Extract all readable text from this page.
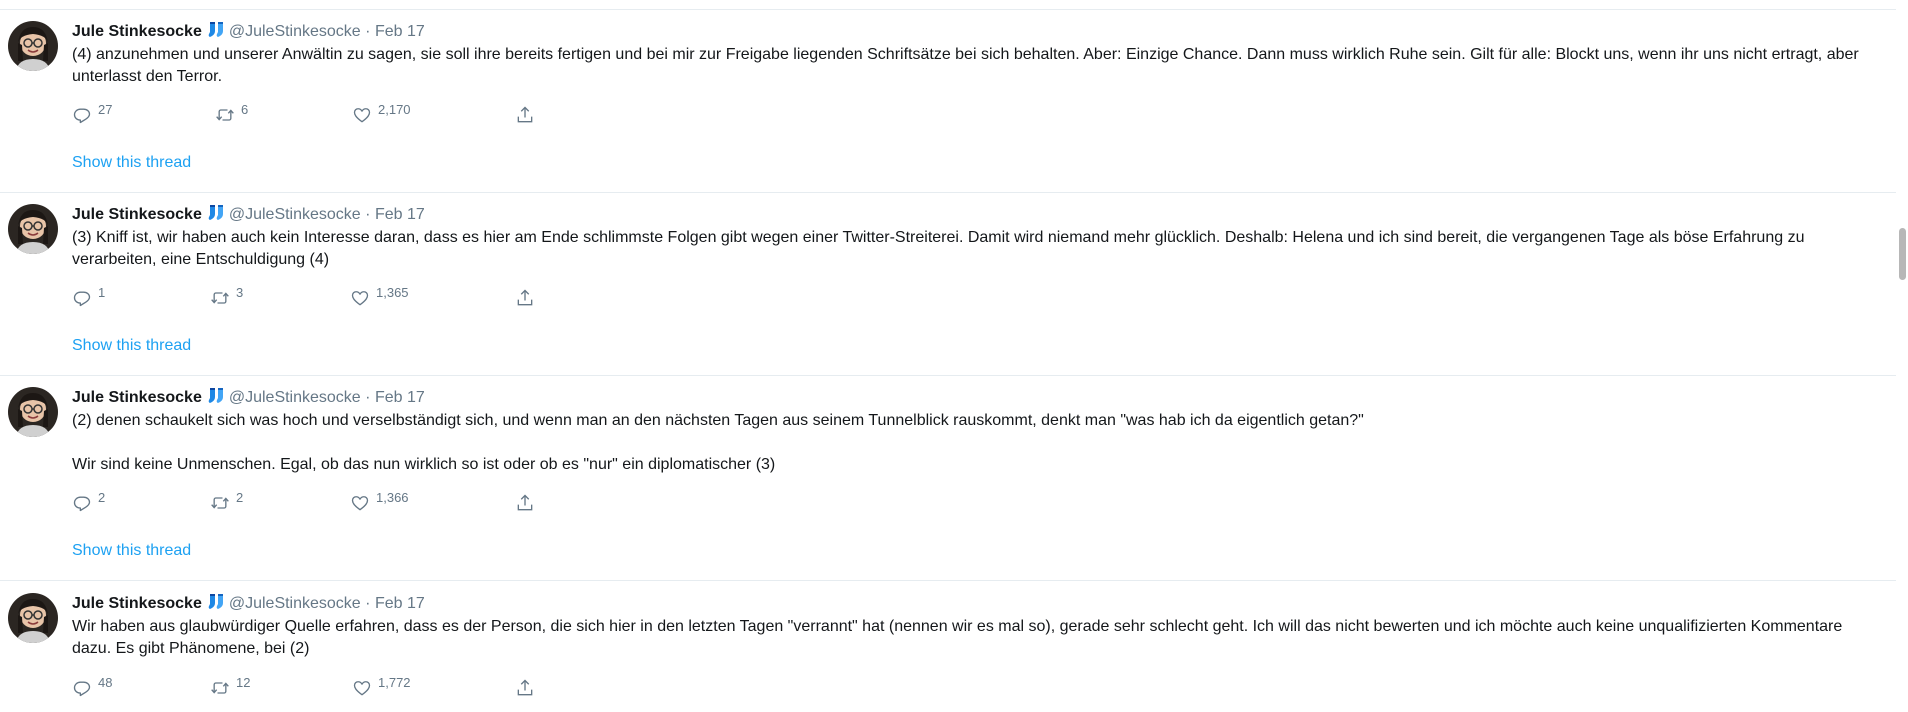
Jule Stinkesocke @JuleStinkesocke · Feb 17
(4) anzunehmen und unserer Anwältin zu sagen, sie soll ihre bereits fertigen und bei mir zur Freigabe liegenden Schriftsätze bei sich behalten. Aber: Einzige Chance. Dann muss wirklich Ruhe sein. Gilt für alle: Blockt uns, wenn ihr uns nicht ertragt, aber unterlasst den Terror.
27	6	2,170
Show this thread
Jule Stinkesocke @JuleStinkesocke · Feb 17
(3) Kniff ist, wir haben auch kein Interesse daran, dass es hier am Ende schlimmste Folgen gibt wegen einer Twitter-Streiterei. Damit wird niemand mehr glücklich. Deshalb: Helena und ich sind bereit, die vergangenen Tage als böse Erfahrung zu verarbeiten, eine Entschuldigung (4)
1	3	1,365
Show this thread
Jule Stinkesocke @JuleStinkesocke · Feb 17
(2) denen schaukelt sich was hoch und verselbständigt sich, und wenn man an den nächsten Tagen aus seinem Tunnelblick rauskommt, denkt man "was hab ich da eigentlich getan?"

Wir sind keine Unmenschen. Egal, ob das nun wirklich so ist oder ob es "nur" ein diplomatischer (3)
2	2	1,366
Show this thread
Jule Stinkesocke @JuleStinkesocke · Feb 17
Wir haben aus glaubwürdiger Quelle erfahren, dass es der Person, die sich hier in den letzten Tagen "verrannt" hat (nennen wir es mal so), gerade sehr schlecht geht. Ich will das nicht bewerten und ich möchte auch keine unqualifizierten Kommentare dazu. Es gibt Phänomene, bei (2)
48	12	1,772
